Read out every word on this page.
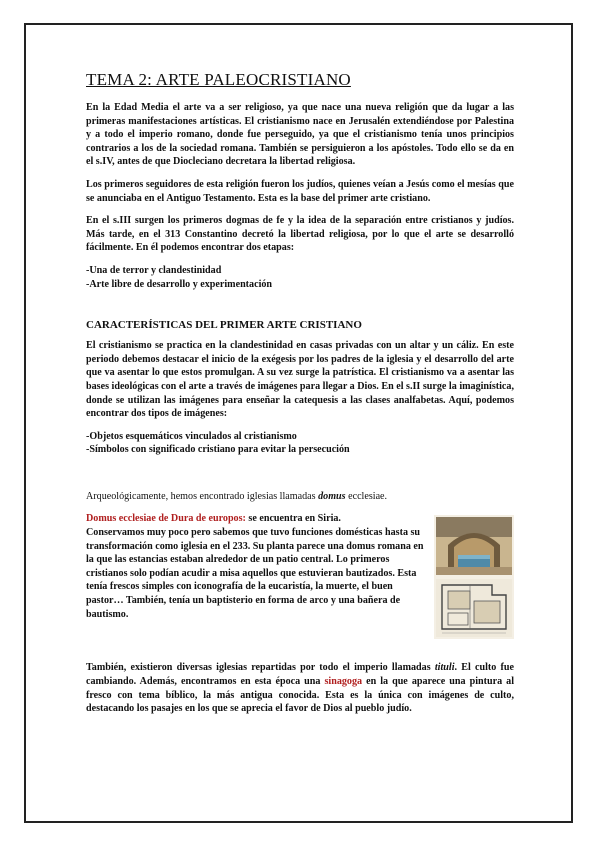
TEMA 2: ARTE PALEOCRISTIANO

En la Edad Media el arte va a ser religioso, ya que nace una nueva religión que da lugar a las primeras manifestaciones artísticas. El cristianismo nace en Jerusalén extendiéndose por Palestina y a todo el imperio romano, donde fue perseguido, ya que el cristianismo tenía unos principios contrarios a los de la sociedad romana. También se persiguieron a los apóstoles. Todo ello se da en el s.IV, antes de que Diocleciano decretara la libertad religiosa.

Los primeros seguidores de esta religión fueron los judíos, quienes veían a Jesús como el mesías que se anunciaba en el Antiguo Testamento. Esta es la base del primer arte cristiano.

En el s.III surgen los primeros dogmas de fe y la idea de la separación entre cristianos y judíos. Más tarde, en el 313 Constantino decretó la libertad religiosa, por lo que el arte se desarrolló fácilmente. En él podemos encontrar dos etapas:

-Una de terror y clandestinidad
-Arte libre de desarrollo y experimentación
CARACTERÍSTICAS DEL PRIMER ARTE CRISTIANO

El cristianismo se practica en la clandestinidad en casas privadas con un altar y un cáliz. En este periodo debemos destacar el inicio de la exégesis por los padres de la iglesia y el desarrollo del arte que va asentar lo que estos promulgan. A su vez surge la patrística. El cristianismo va a asentar las bases ideológicas con el arte a través de imágenes para llegar a Dios. En el s.II surge la imaginística, donde se utilizan las imágenes para enseñar la catequesis a las clases analfabetas. Aquí, podemos encontrar dos tipos de imágenes:

-Objetos esquemáticos vinculados al cristianismo
-Símbolos con significado cristiano para evitar la persecución

Arqueológicamente, hemos encontrado iglesias llamadas domus ecclesiae.

Domus ecclesiae de Dura de europos: se encuentra en Siria.
Conservamos muy poco pero sabemos que tuvo funciones domésticas hasta su transformación como iglesia en el 233. Su planta parece una domus romana en la que las estancias estaban alrededor de un patio central. Lo primeros cristianos solo podían acudir a misa aquellos que estuvieran bautizados. Esta tenía frescos simples con iconografía de la eucaristía, la muerte, el buen pastor… También, tenía un baptisterio en forma de arco y una bañera de bautismo.

También, existieron diversas iglesias repartidas por todo el imperio llamadas tituli. El culto fue cambiando. Además, encontramos en esta época una sinagoga en la que aparece una pintura al fresco con tema bíblico, la más antigua conocida. Esta es la única con imágenes de culto, destacando los pasajes en los que se aprecia el favor de Dios al pueblo judío.
